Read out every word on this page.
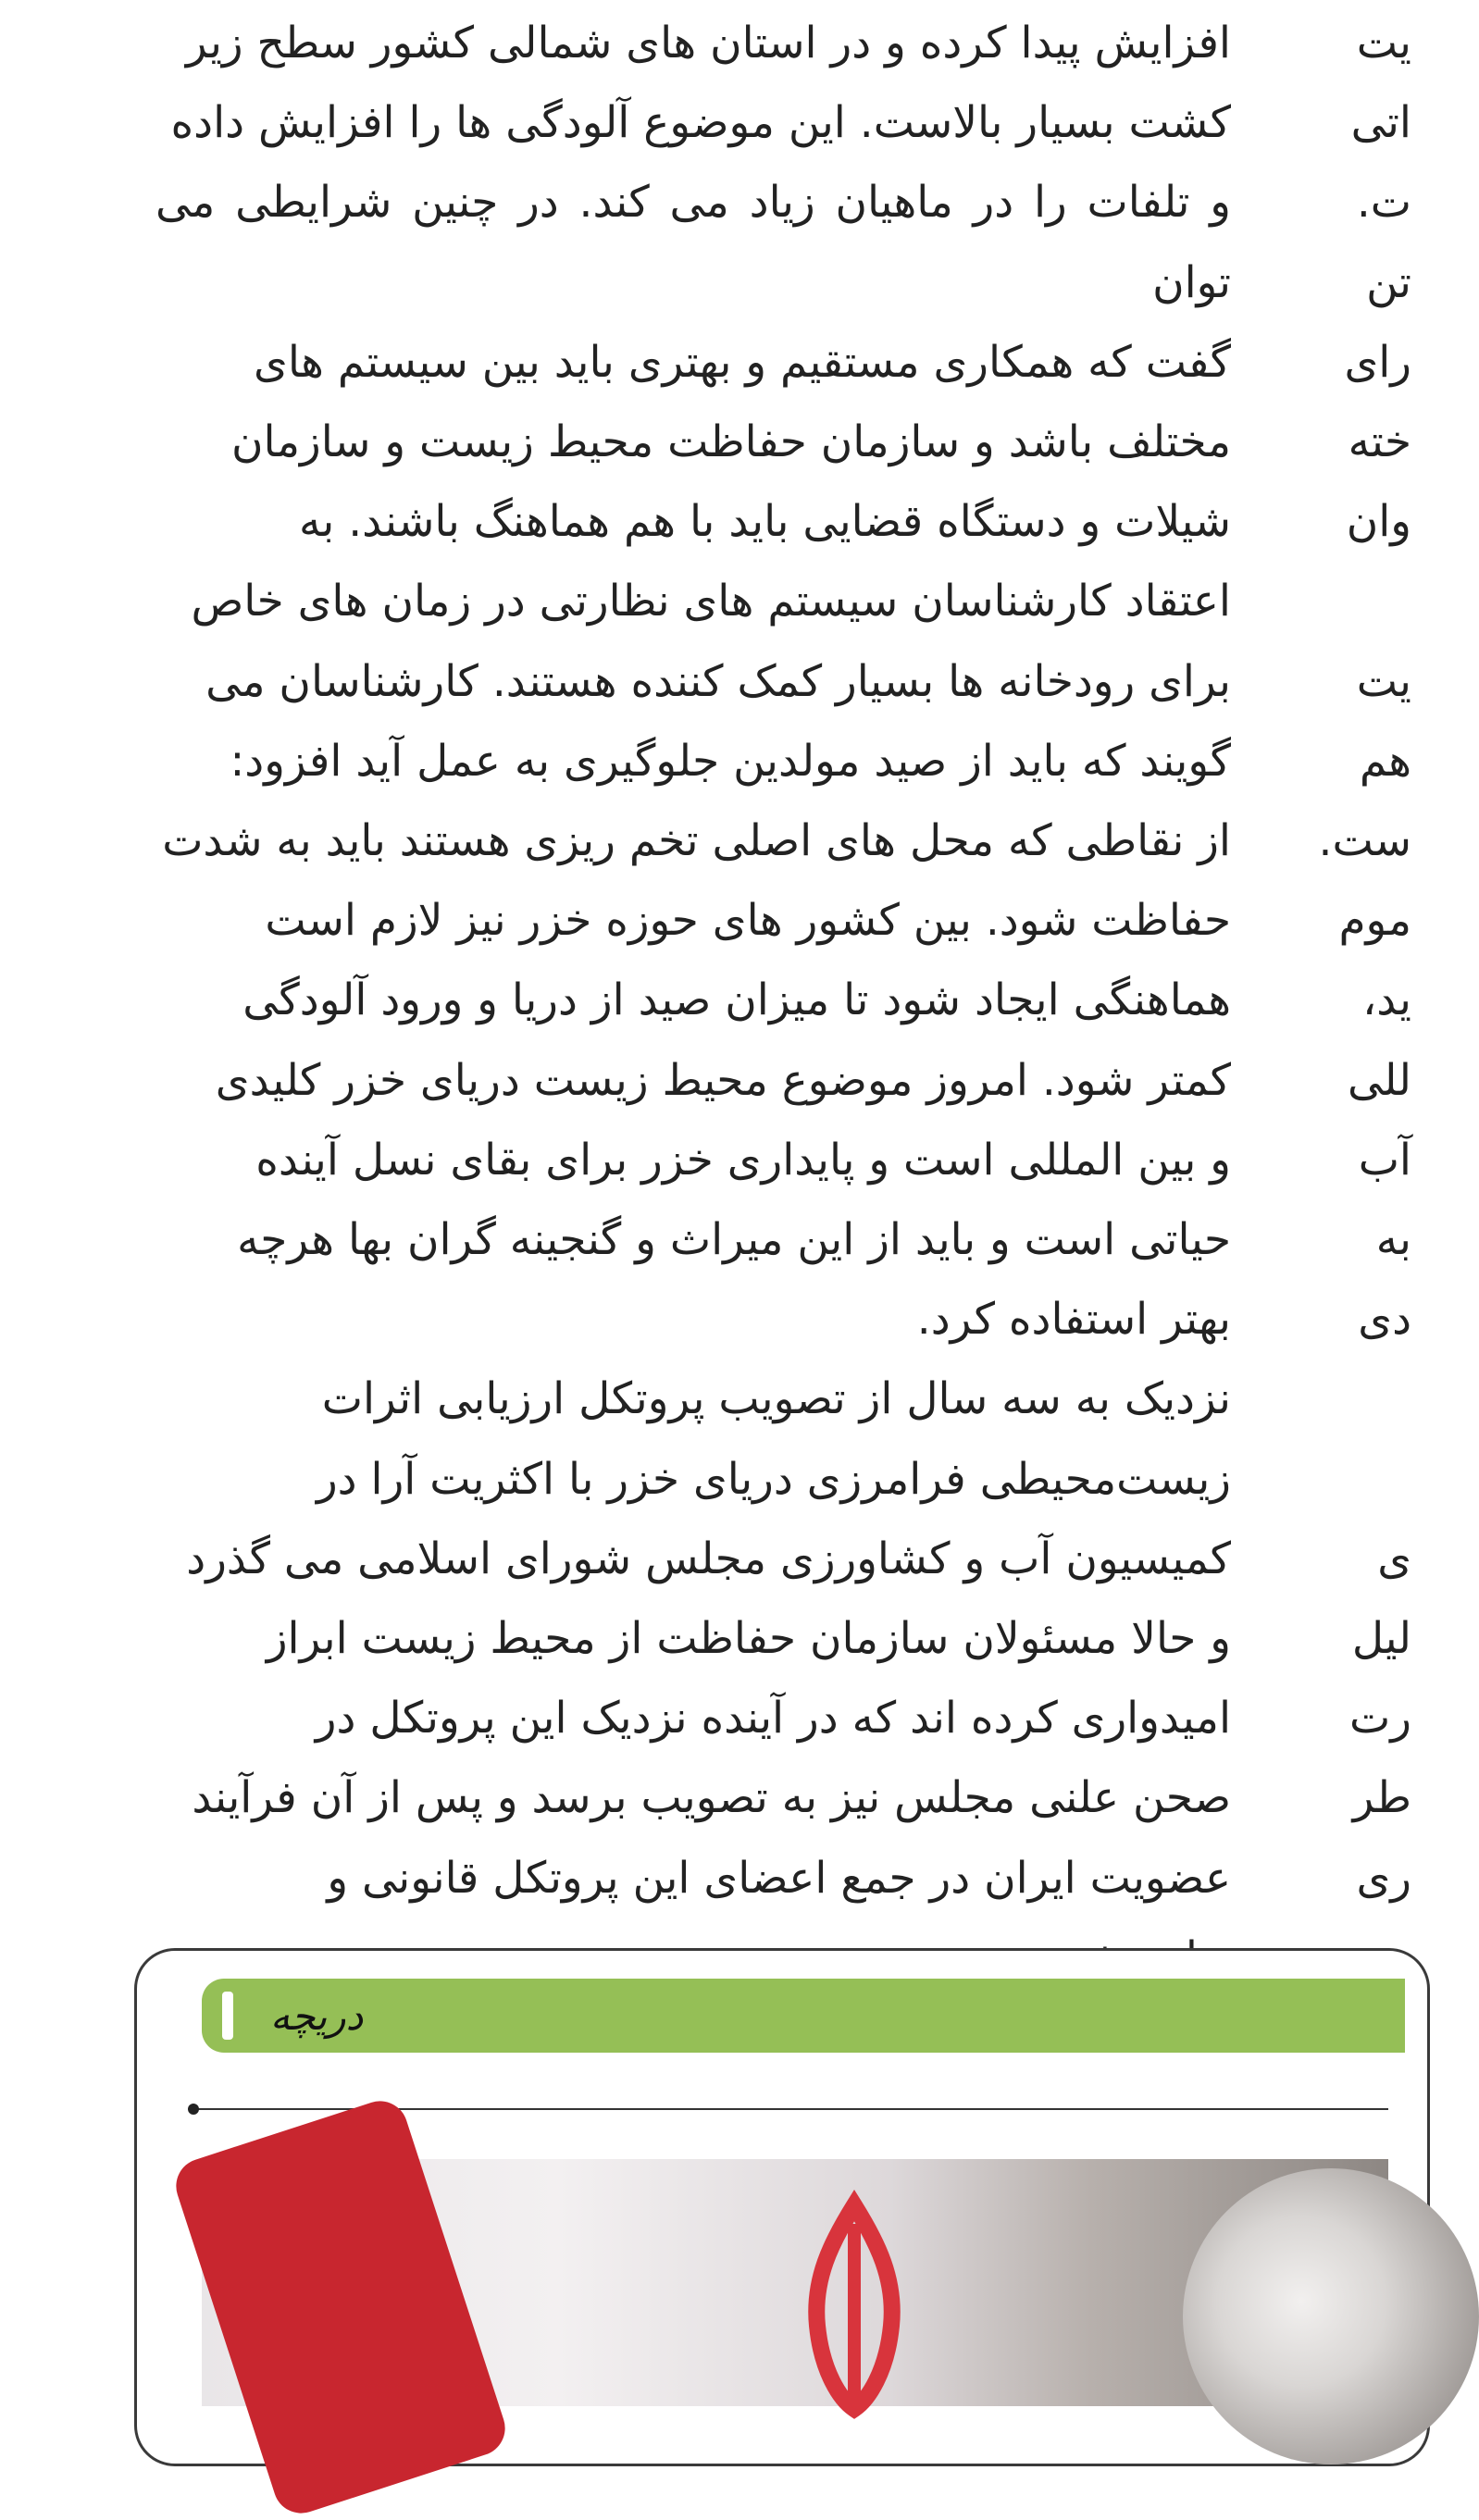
افزایش پیدا کرده و در استان های شمالی کشور سطح زیر

کشت بسیار بالاست. این موضوع آلودگی ها را افزایش داده

و تلفات را در ماهیان زیاد می کند. در چنین شرایطی می توان

گفت که همکاری مستقیم و بهتری باید بین سیستم های

مختلف باشد و سازمان حفاظت محیط زیست و سازمان

شیلات و دستگاه قضایی باید با هم هماهنگ باشند. به

اعتقاد کارشناسان سیستم های نظارتی در زمان های خاص

برای رودخانه ها بسیار کمک کننده هستند. کارشناسان می

گویند که باید از صید مولدین جلوگیری به عمل آید افزود:

از نقاطی که محل های اصلی تخم ریزی هستند باید به شدت

حفاظت شود. بین کشور های حوزه خزر نیز لازم است

هماهنگی ایجاد شود تا میزان صید از دریا و ورود آلودگی

کمتر شود. امروز موضوع محیط زیست دریای خزر کلیدی

و بین المللی است و پایداری خزر برای بقای نسل آینده

حیاتی است و باید از این میراث و گنجینه گران بها هرچه

بهتر استفاده کرد.

نزدیک به سه سال از تصویب پروتکل ارزیابی اثرات

زیست‌محیطی فرامرزی دریای خزر با اکثریت آرا در

کمیسیون آب و کشاورزی مجلس شورای اسلامی می گذرد

و حالا مسئولان سازمان حفاظت از محیط زیست ابراز

امیدواری کرده اند که در آینده نزدیک این پروتکل در

صحن علنی مجلس نیز به تصویب برسد و پس از آن فرآیند

عضویت ایران در جمع اعضای این پروتکل قانونی و

یت
اتی
ت.
تن
رای
خته
وان
یت
هم
ست.
موم
ید،
للی
آب
به
دی
ی
لیل
رت
طر
ری
دریچه
